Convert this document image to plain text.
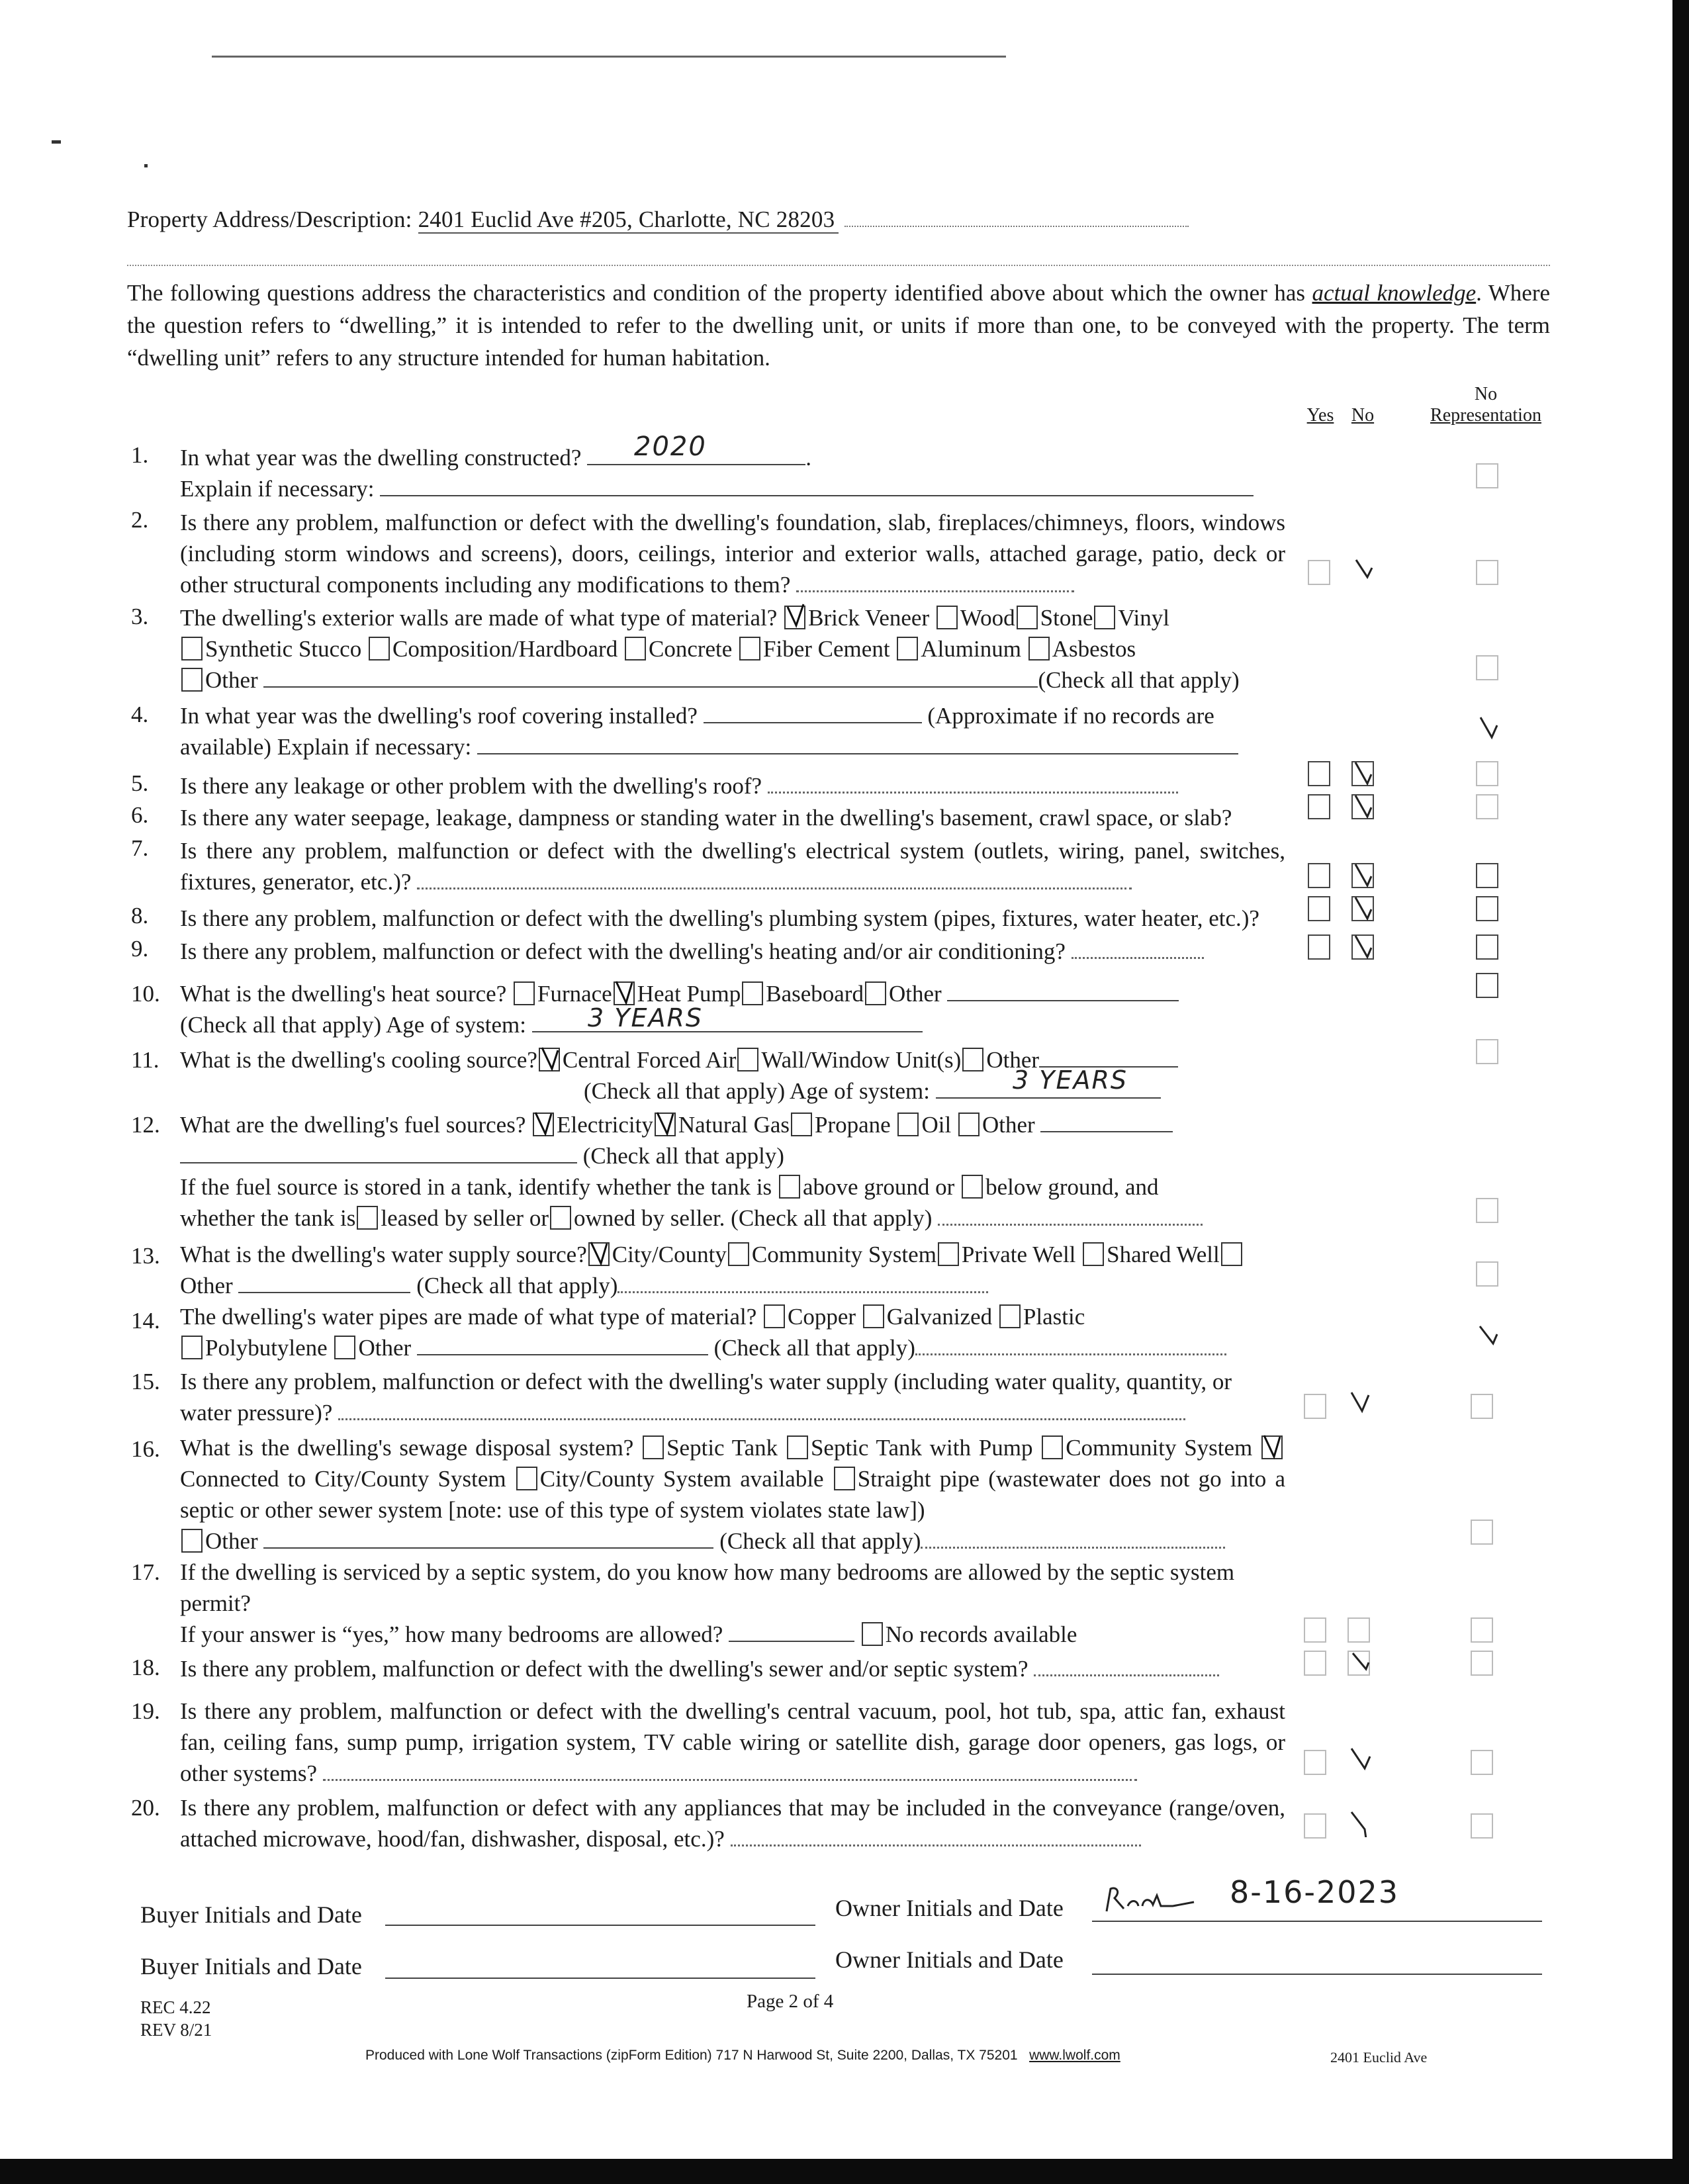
Property Address/Description: 2401 Euclid Ave #205, Charlotte, NC 28203
The following questions address the characteristics and condition of the property identified above about which the owner has actual knowledge. Where the question refers to “dwelling,” it is intended to refer to the dwelling unit, or units if more than one, to be conveyed with the property. The term “dwelling unit” refers to any structure intended for human habitation.
Yes No
No
Representation
1. In what year was the dwelling constructed?	.
Explain if necessary:
2020
2. Is there any problem, malfunction or defect with the dwelling's foundation, slab, fireplaces/chimneys, floors, windows (including storm windows and screens), doors, ceilings, interior and exterior walls, attached garage, patio, deck or other structural components including any modifications to them?
3. The dwelling's exterior walls are made of what type of material? Brick Veneer Wood Stone Vinyl
Synthetic Stucco Composition/Hardboard Concrete Fiber Cement Aluminum Asbestos
Other	(Check all that apply)
4. In what year was the dwelling's roof covering installed?	(Approximate if no records are available) Explain if necessary:
5. Is there any leakage or other problem with the dwelling's roof?
6. Is there any water seepage, leakage, dampness or standing water in the dwelling's basement, crawl space, or slab?
7. Is there any problem, malfunction or defect with the dwelling's electrical system (outlets, wiring, panel, switches, fixtures, generator, etc.)?
8. Is there any problem, malfunction or defect with the dwelling's plumbing system (pipes, fixtures, water heater, etc.)?
9. Is there any problem, malfunction or defect with the dwelling's heating and/or air conditioning?
10. What is the dwelling's heat source? Furnace Heat Pump Baseboard Other
(Check all that apply) Age of system:	3 YEARS
11. What is the dwelling's cooling source? Central Forced Air Wall/Window Unit(s) Other
(Check all that apply) Age of system:	3 YEARS
12. What are the dwelling's fuel sources? Electricity Natural Gas Propane Oil Other
(Check all that apply)
If the fuel source is stored in a tank, identify whether the tank is above ground or below ground, and
whether the tank is leased by seller or owned by seller. (Check all that apply)
13. What is the dwelling's water supply source? City/County Community System Private Well Shared WellOther	(Check all that apply)
14. The dwelling's water pipes are made of what type of material? Copper Galvanized Plastic
Polybutylene Other	(Check all that apply)
15. Is there any problem, malfunction or defect with the dwelling's water supply (including water quality, quantity, or water pressure)?
16. What is the dwelling's sewage disposal system? Septic Tank Septic Tank with Pump Community System
Connected to City/County System City/County System available Straight pipe (wastewater does not go into a septic or other sewer system [note: use of this type of system violates state law])
Other	(Check all that apply)
17. If the dwelling is serviced by a septic system, do you know how many bedrooms are allowed by the septic system permit?
If your answer is “yes,” how many bedrooms are allowed?	No records available
18. Is there any problem, malfunction or defect with the dwelling's sewer and/or septic system?
19. Is there any problem, malfunction or defect with the dwelling's central vacuum, pool, hot tub, spa, attic fan, exhaust fan, ceiling fans, sump pump, irrigation system, TV cable wiring or satellite dish, garage door openers, gas logs, or other systems?
20. Is there any problem, malfunction or defect with any appliances that may be included in the conveyance (range/oven, attached microwave, hood/fan, dishwasher, disposal, etc.)?
Buyer Initials and Date	Owner Initials and Date	8-16-2023
Buyer Initials and Date	Owner Initials and Date
REC 4.22
REV 8/21
Page 2 of 4
Produced with Lone Wolf Transactions (zipForm Edition) 717 N Harwood St, Suite 2200, Dallas, TX 75201 www.lwolf.com	2401 Euclid Ave
